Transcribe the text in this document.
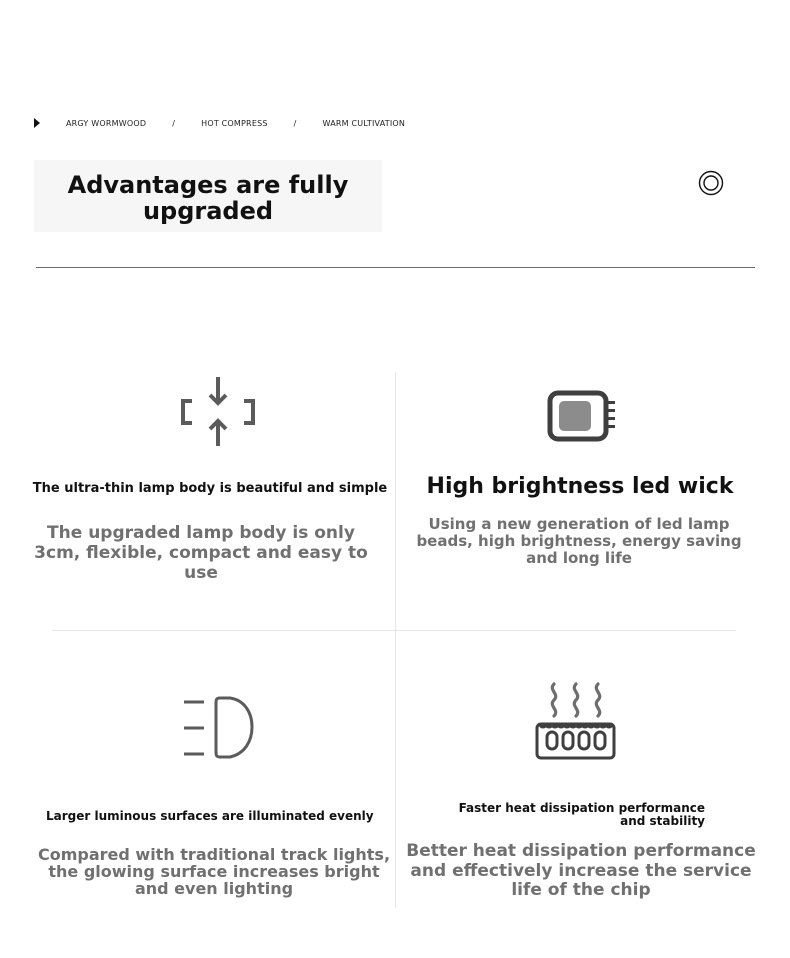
ARGY WORMWOOD	/	HOT COMPRESS	/	WARM CULTIVATION
Advantages are fully
upgraded
The ultra-thin lamp body is beautiful and simple
The upgraded lamp body is only 3cm, flexible, compact and easy to use
High brightness led wick
Using a new generation of led lamp beads, high brightness, energy saving and long life
Larger luminous surfaces are illuminated evenly
Compared with traditional track lights, the glowing surface increases bright and even lighting
Faster heat dissipation performance and stability
Better heat dissipation performance and effectively increase the service life of the chip
